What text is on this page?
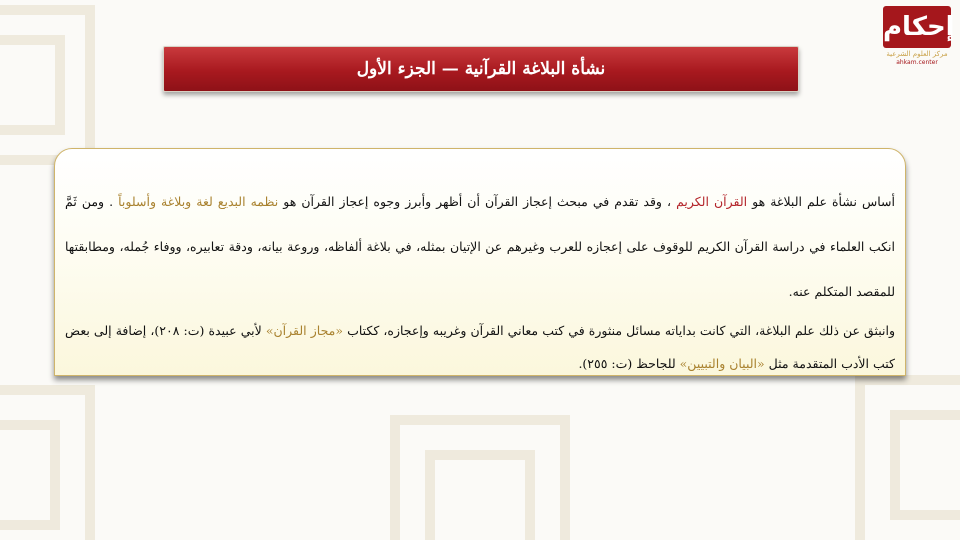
إحكام
مركز العلوم الشرعية
ahkam.center
نشأة البلاغة القرآنية — الجزء الأول

أساس نشأة علم البلاغة هو القرآن الكريم ، وقد تقدم في مبحث إعجاز القرآن أن أظهر وأبرز وجوه إعجاز القرآن هو نظمه البديع لغة وبلاغة وأسلوباً . ومن ثَمَّ انكب العلماء في دراسة القرآن الكريم للوقوف على إعجازه للعرب وغيرهم عن الإتيان بمثله، في بلاغة ألفاظه، وروعة بيانه، ودقة تعابيره، ووفاء جُمله، ومطابقتها للمقصد المتكلم عنه.

وانبثق عن ذلك علم البلاغة، التي كانت بداياته مسائل منثورة في كتب معاني القرآن وغريبه وإعجازه، ككتاب «مجاز القرآن» لأبي عبيدة (ت: ٢٠٨)، إضافة إلى بعض كتب الأدب المتقدمة مثل «البيان والتبيين» للجاحظ (ت: ٢٥٥).
